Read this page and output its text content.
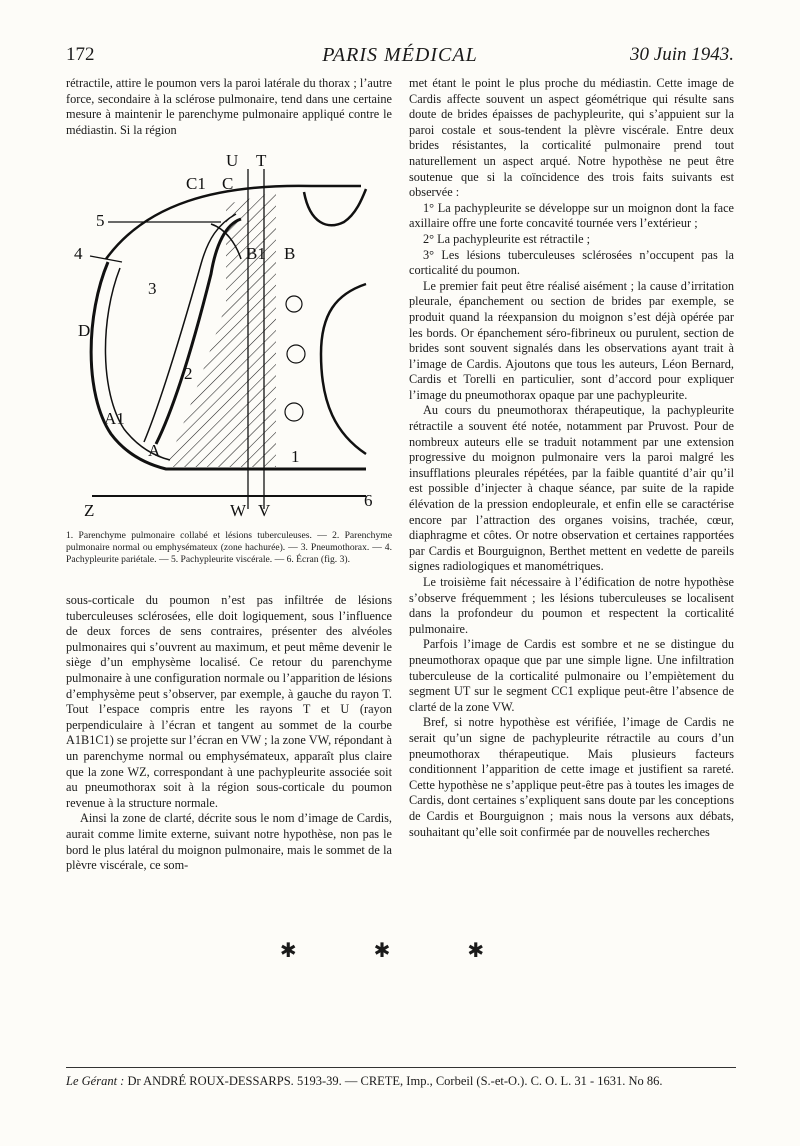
172	PARIS MÉDICAL	30 Juin 1943.

rétractile, attire le poumon vers la paroi latérale du thorax ; l’autre force, secondaire à la sclérose pulmonaire, tend dans une certaine mesure à maintenir le parenchyme pulmonaire appliqué contre le médiastin. Si la région

U T
C1 C
5
4
3
B1 B
D
2
A1
A	1
Z	W V
6
1. Parenchyme pulmonaire collabé et lésions tuberculeuses. — 2. Parenchyme pulmonaire normal ou emphysémateux (zone hachurée). — 3. Pneumothorax. — 4. Pachypleurite pariétale. — 5. Pachypleurite viscérale. — 6. Écran (fig. 3).

sous-corticale du poumon n’est pas infiltrée de lésions tuberculeuses sclérosées, elle doit logiquement, sous l’influence de deux forces de sens contraires, présenter des alvéoles pulmonaires qui s’ouvrent au maximum, et peut même devenir le siège d’un emphysème localisé. Ce retour du parenchyme pulmonaire à une configuration normale ou l’apparition de lésions d’emphysème peut s’observer, par exemple, à gauche du rayon T. Tout l’espace compris entre les rayons T et U (rayon perpendiculaire à l’écran et tangent au sommet de la courbe A1B1C1) se projette sur l’écran en VW ; la zone VW, répondant à un parenchyme normal ou emphysémateux, apparaît plus claire que la zone WZ, correspondant à une pachypleurite associée soit au pneumothorax soit à la région sous-corticale du poumon revenue à la structure normale.

Ainsi la zone de clarté, décrite sous le nom d’image de Cardis, aurait comme limite externe, suivant notre hypothèse, non pas le bord le plus latéral du moignon pulmonaire, mais le sommet de la plèvre viscérale, ce som-

met étant le point le plus proche du médiastin. Cette image de Cardis affecte souvent un aspect géométrique qui résulte sans doute de brides épaisses de pachypleurite, qui s’appuient sur la paroi costale et sous-tendent la plèvre viscérale. Entre deux brides résistantes, la corticalité pulmonaire prend tout naturellement un aspect arqué. Notre hypothèse ne peut être soutenue que si la coïncidence des trois faits suivants est observée :

1° La pachypleurite se développe sur un moignon dont la face axillaire offre une forte concavité tournée vers l’extérieur ;

2° La pachypleurite est rétractile ;

3° Les lésions tuberculeuses sclérosées n’occupent pas la corticalité du poumon.

Le premier fait peut être réalisé aisément ; la cause d’irritation pleurale, épanchement ou section de brides par exemple, se produit quand la réexpansion du moignon s’est déjà opérée par les bords. Or épanchement séro-fibrineux ou purulent, section de brides sont souvent signalés dans les observations ayant trait à l’image de Cardis. Ajoutons que tous les auteurs, Léon Bernard, Cardis et Torelli en particulier, sont d’accord pour expliquer l’image du pneumothorax opaque par une pachypleurite.

Au cours du pneumothorax thérapeutique, la pachypleurite rétractile a souvent été notée, notamment par Pruvost. Pour de nombreux auteurs elle se traduit notamment par une extension progressive du moignon pulmonaire vers la paroi malgré les insufflations pleurales répétées, par la faible quantité d’air qu’il est possible d’injecter à chaque séance, par suite de la rapide élévation de la pression endopleurale, et enfin elle se caractérise encore par l’attraction des organes voisins, trachée, cœur, diaphragme et côtes. Or notre observation et certaines rapportées par Cardis et Bourguignon, Berthet mettent en vedette de pareils signes radiologiques et manométriques.

Le troisième fait nécessaire à l’édification de notre hypothèse s’observe fréquemment ; les lésions tuberculeuses se localisent dans la profondeur du poumon et respectent la corticalité pulmonaire.

Parfois l’image de Cardis est sombre et ne se distingue du pneumothorax opaque que par une simple ligne. Une infiltration tuberculeuse de la corticalité pulmonaire ou l’empiètement du segment UT sur le segment CC1 explique peut-être l’absence de clarté de la zone VW.

Bref, si notre hypothèse est vérifiée, l’image de Cardis ne serait qu’un signe de pachypleurite rétractile au cours d’un pneumothorax thérapeutique. Mais plusieurs facteurs conditionnent l’apparition de cette image et justifient sa rareté. Cette hypothèse ne s’applique peut-être pas à toutes les images de Cardis, dont certaines s’expliquent sans doute par les conceptions de Cardis et Bourguignon ; mais nous la versons aux débats, souhaitant qu’elle soit confirmée par de nouvelles recherches

✱ ✱ ✱
Le Gérant : Dr ANDRÉ ROUX-DESSARPS. 5193-39. — CRETE, Imp., Corbeil (S.-et-O.). C. O. L. 31 - 1631. No 86.
